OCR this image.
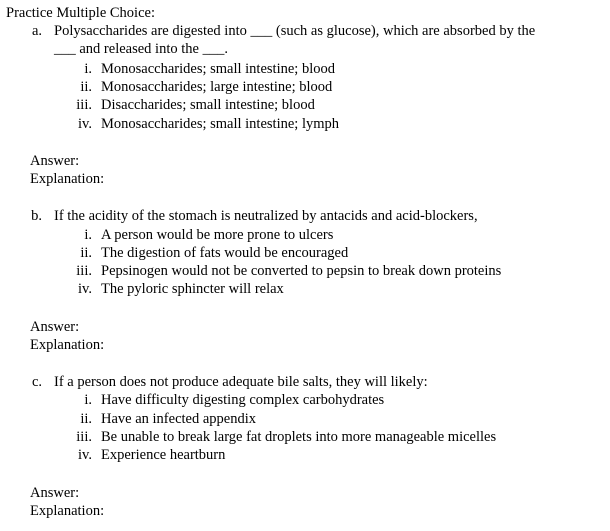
Practice Multiple Choice:
a. Polysaccharides are digested into ___ (such as glucose), which are absorbed by the
___ and released into the ___.
i. Monosaccharides; small intestine; blood
ii. Monosaccharides; large intestine; blood
iii. Disaccharides; small intestine; blood
iv. Monosaccharides; small intestine; lymph
Answer:
Explanation:
b. If the acidity of the stomach is neutralized by antacids and acid-blockers,
i. A person would be more prone to ulcers
ii. The digestion of fats would be encouraged
iii. Pepsinogen would not be converted to pepsin to break down proteins
iv. The pyloric sphincter will relax
Answer:
Explanation:
c. If a person does not produce adequate bile salts, they will likely:
i. Have difficulty digesting complex carbohydrates
ii. Have an infected appendix
iii. Be unable to break large fat droplets into more manageable micelles
iv. Experience heartburn
Answer:
Explanation:
